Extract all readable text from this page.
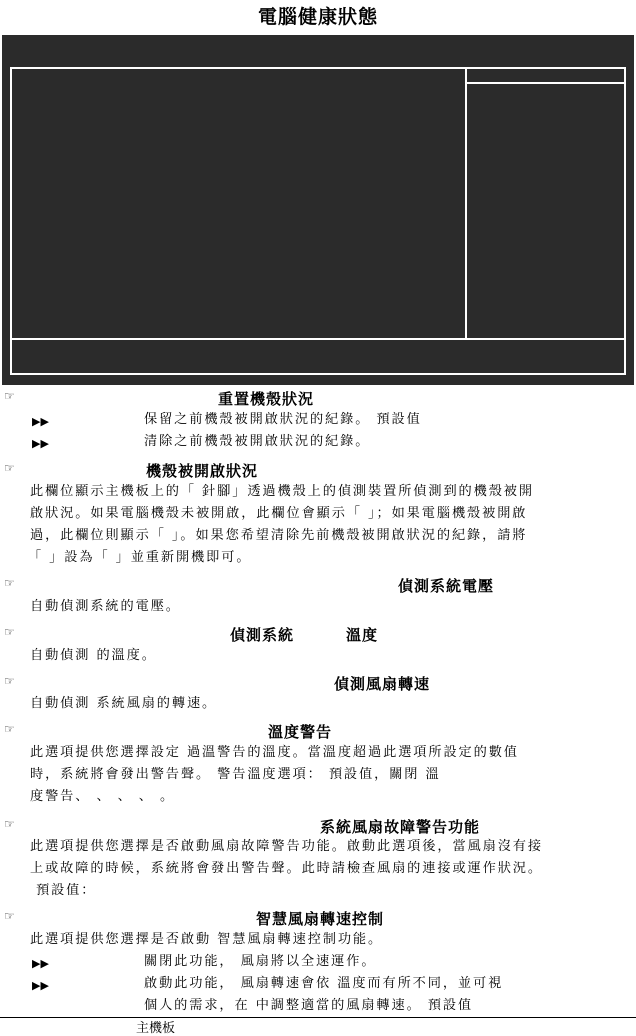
電腦健康狀態
☞	重置機殼狀況
▶▶	保留之前機殼被開啟狀況的紀錄。 預設值
▶▶	清除之前機殼被開啟狀況的紀錄。
☞	機殼被開啟狀況
此欄位顯示主機板上的「 針腳」透過機殼上的偵測裝置所偵測到的機殼被開
啟狀況。如果電腦機殼未被開啟，此欄位會顯示「 」；如果電腦機殼被開啟
過，此欄位則顯示「 」。如果您希望清除先前機殼被開啟狀況的紀錄，請將
「 」設為「 」並重新開機即可。
☞	偵測系統電壓
自動偵測系統的電壓。
☞	偵測系統	溫度
自動偵測 的溫度。
☞	偵測風扇轉速
自動偵測 系統風扇的轉速。
☞	溫度警告
此選項提供您選擇設定 過溫警告的溫度。當溫度超過此選項所設定的數值
時，系統將會發出警告聲。 警告溫度選項： 預設值，關閉 溫
度警告、 、 、 、 。
☞	系統風扇故障警告功能
此選項提供您選擇是否啟動風扇故障警告功能。啟動此選項後，當風扇沒有接
上或故障的時候，系統將會發出警告聲。此時請檢查風扇的連接或運作狀況。
預設值：
☞	智慧風扇轉速控制
此選項提供您選擇是否啟動 智慧風扇轉速控制功能。
▶▶	關閉此功能， 風扇將以全速運作。
▶▶	啟動此功能， 風扇轉速會依 溫度而有所不同，並可視
個人的需求，在 中調整適當的風扇轉速。 預設值
主機板
